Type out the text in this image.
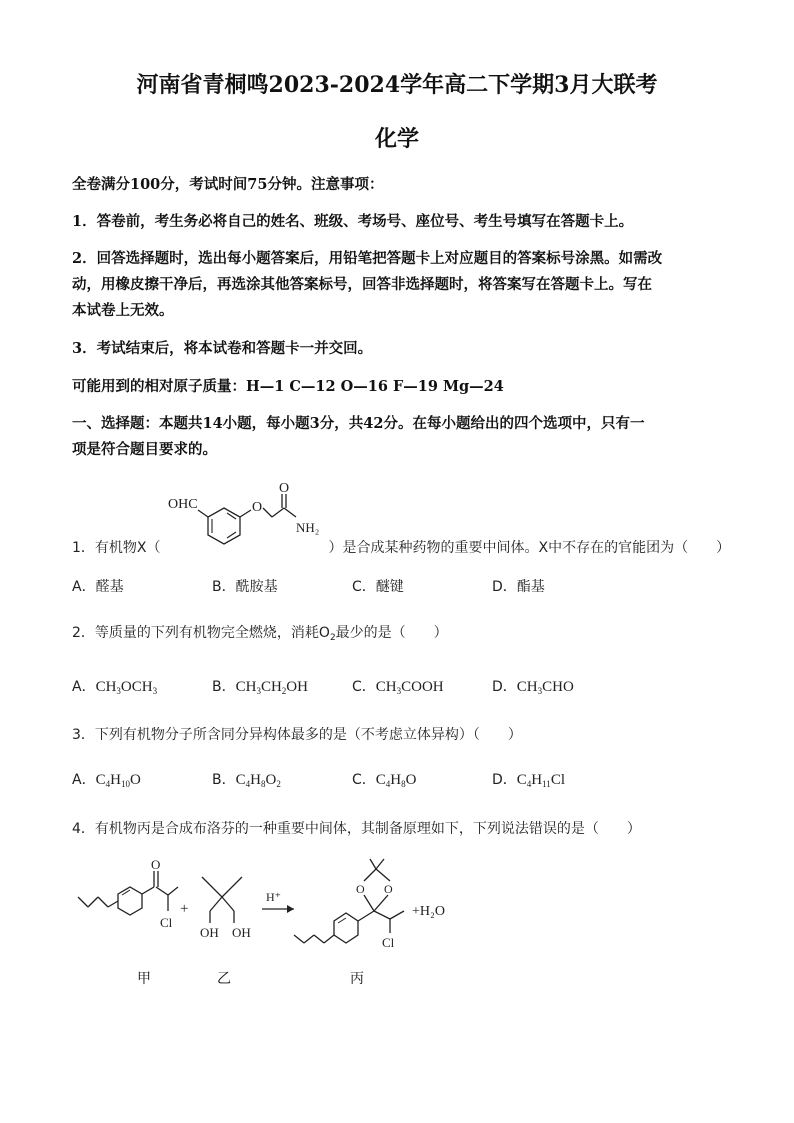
河南省青桐鸣2023-2024学年高二下学期3月大联考
化学
全卷满分100分，考试时间75分钟。注意事项：
1．答卷前，考生务必将自己的姓名、班级、考场号、座位号、考生号填写在答题卡上。
2．回答选择题时，选出每小题答案后，用铅笔把答题卡上对应题目的答案标号涂黑。如需改
动，用橡皮擦干净后，再选涂其他答案标号，回答非选择题时，将答案写在答题卡上。写在
本试卷上无效。
3．考试结束后，将本试卷和答题卡一并交回。
可能用到的相对原子质量：H—1 C—12 O—16 F—19 Mg—24
一、选择题：本题共14小题，每小题3分，共42分。在每小题给出的四个选项中，只有一
项是符合题目要求的。
OHC	O
O
NH₂
1．有机物X（	）是合成某种药物的重要中间体。X中不存在的官能团为（　　）
A．醛基	B．酰胺基	C．醚键	D．酯基
2．等质量的下列有机物完全燃烧，消耗$O_2$最少的是（　　）
A．$CH_3OCH_3$	B．$CH_3CH_2OH$	C．$CH_3COOH$	D．$CH_3CHO$
3．下列有机物分子所含同分异构体最多的是（不考虑立体异构）（　　）
A．$C_4H_{10}O$	B．$C_4H_8O_2$	C．$C_4H_8O$	D．$C_4H_{11}Cl$
4．有机物丙是合成布洛芬的一种重要中间体，其制备原理如下，下列说法错误的是（　　）
O
Cl
+
OH OH
H⁺
O O
Cl
+H₂O
甲	乙	丙
